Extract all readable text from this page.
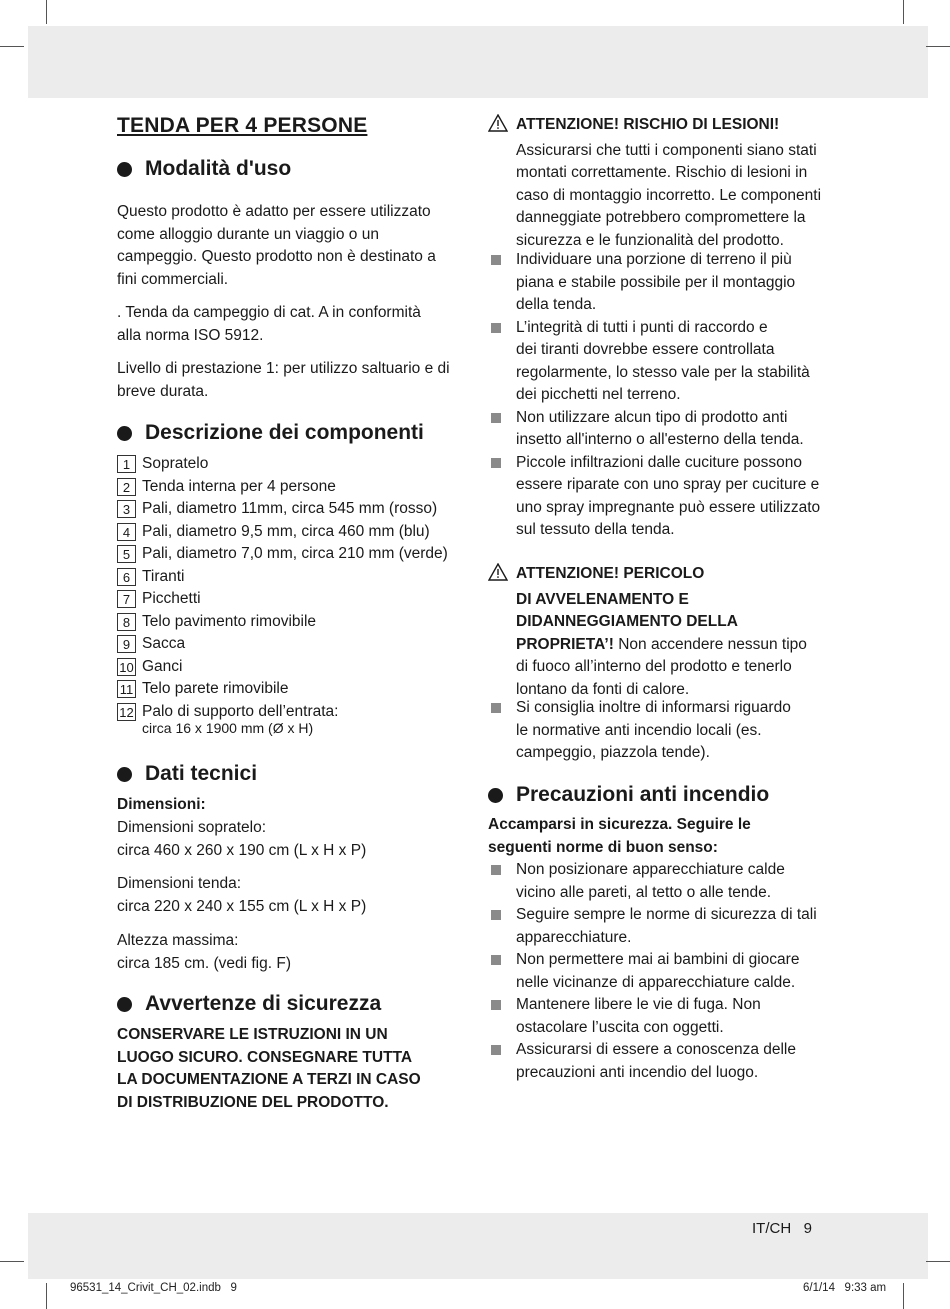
TENDA PER 4 PERSONE
Modalità d'uso

Questo prodotto è adatto per essere utilizzato
come alloggio durante un viaggio o un
campeggio. Questo prodotto non è destinato a
fini commerciali.

. Tenda da campeggio di cat. A in conformità
alla norma ISO 5912.

Livello di prestazione 1: per utilizzo saltuario e di
breve durata.

Descrizione dei componenti
1 Sopratelo
2 Tenda interna per 4 persone
3 Pali, diametro 11mm, circa 545 mm (rosso)
4 Pali, diametro 9,5 mm, circa 460 mm (blu)
5 Pali, diametro 7,0 mm, circa 210 mm (verde)
6 Tiranti
7 Picchetti
8 Telo pavimento rimovibile
9 Sacca
10 Ganci
11 Telo parete rimovibile
12 Palo di supporto dell’entrata:
circa 16 x 1900 mm (Ø x H)
Dati tecnici

Dimensioni:

Dimensioni sopratelo:
circa 460 x 260 x 190 cm (L x H x P)

Dimensioni tenda:
circa 220 x 240 x 155 cm (L x H x P)

Altezza massima:
circa 185 cm. (vedi fig. F)

Avvertenze di sicurezza

CONSERVARE LE ISTRUZIONI IN UN
LUOGO SICURO. CONSEGNARE TUTTA
LA DOCUMENTAZIONE A TERZI IN CASO
DI DISTRIBUZIONE DEL PRODOTTO.

ATTENZIONE! RISCHIO DI LESIONI!
Assicurarsi che tutti i componenti siano stati
montati correttamente. Rischio di lesioni in
caso di montaggio incorretto. Le componenti
danneggiate potrebbero compromettere la
sicurezza e le funzionalità del prodotto.
Individuare una porzione di terreno il più
piana e stabile possibile per il montaggio
della tenda.
L’integrità di tutti i punti di raccordo e
dei tiranti dovrebbe essere controllata
regolarmente, lo stesso vale per la stabilità
dei picchetti nel terreno.
Non utilizzare alcun tipo di prodotto anti
insetto all'interno o all'esterno della tenda.
Piccole infiltrazioni dalle cuciture possono
essere riparate con uno spray per cuciture e
uno spray impregnante può essere utilizzato
sul tessuto della tenda.
ATTENZIONE! PERICOLO
DI AVVELENAMENTO E
DIDANNEGGIAMENTO DELLA
PROPRIETA’! Non accendere nessun tipo
di fuoco all’interno del prodotto e tenerlo
lontano da fonti di calore.
Si consiglia inoltre di informarsi riguardo
le normative anti incendio locali (es.
campeggio, piazzola tende).
Precauzioni anti incendio

Accamparsi in sicurezza. Seguire le
seguenti norme di buon senso:

Non posizionare apparecchiature calde
vicino alle pareti, al tetto o alle tende.
Seguire sempre le norme di sicurezza di tali
apparecchiature.
Non permettere mai ai bambini di giocare
nelle vicinanze di apparecchiature calde.
Mantenere libere le vie di fuga. Non
ostacolare l’uscita con oggetti.
Assicurarsi di essere a conoscenza delle
precauzioni anti incendio del luogo.
IT/CH   9
96531_14_Crivit_CH_02.indb   9	6/1/14   9:33 am
